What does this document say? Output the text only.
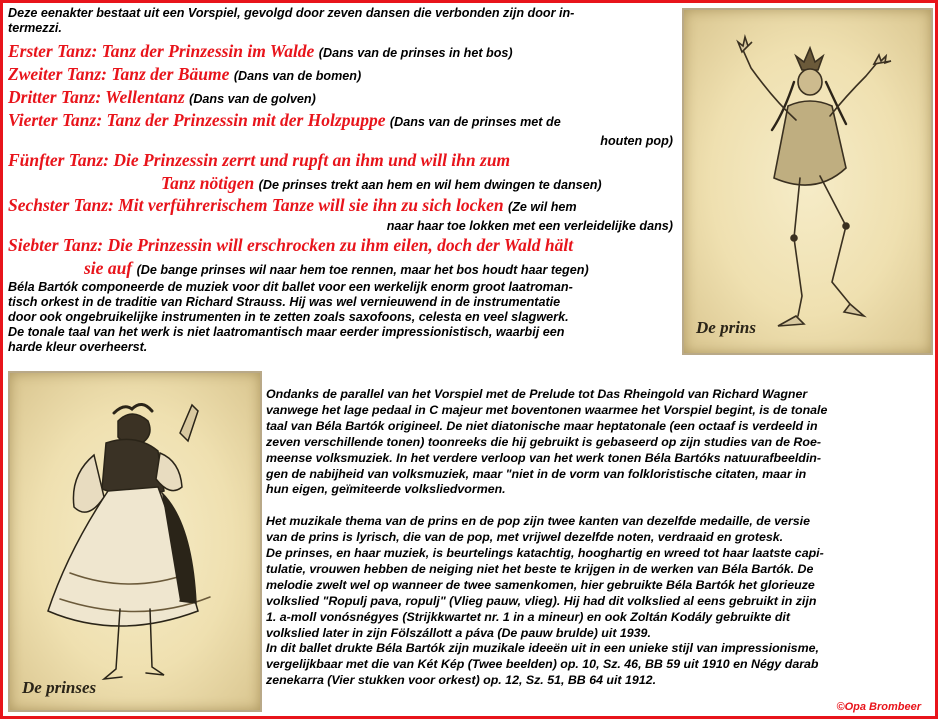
Deze eenakter bestaat uit een Vorspiel, gevolgd door zeven dansen die verbonden zijn door in-
termezzi.
Erster Tanz: Tanz der Prinzessin im Walde (Dans van de prinses in het bos)
Zweiter Tanz: Tanz der Bäume (Dans van de bomen)
Dritter Tanz: Wellentanz (Dans van de golven)
Vierter Tanz: Tanz der Prinzessin mit der Holzpuppe (Dans van de prinses met de
houten pop)
Fünfter Tanz: Die Prinzessin zerrt und rupft an ihm und will ihn zum
Tanz nötigen (De prinses trekt aan hem en wil hem dwingen te dansen)
Sechster Tanz: Mit verführerischem Tanze will sie ihn zu sich locken (Ze wil hem
naar haar toe lokken met een verleidelijke dans)
Siebter Tanz: Die Prinzessin will erschrocken zu ihm eilen, doch der Wald hält
sie auf (De bange prinses wil naar hem toe rennen, maar het bos houdt haar tegen)
Béla Bartók componeerde de muziek voor dit ballet voor een werkelijk enorm groot laatroman-
tisch orkest in de traditie van Richard Strauss. Hij was wel vernieuwend in de instrumentatie
door ook ongebruikelijke instrumenten in te zetten zoals saxofoons, celesta en veel slagwerk.
De tonale taal van het werk is niet laatromantisch maar eerder impressionistisch, waarbij een
harde kleur overheerst.
De prins
De prinses
Ondanks de parallel van het Vorspiel met de Prelude tot Das Rheingold van Richard Wagner
vanwege het lage pedaal in C majeur met boventonen waarmee het Vorspiel begint, is de tonale
taal van Béla Bartók origineel. De niet diatonische maar heptatonale (een octaaf is verdeeld in
zeven verschillende tonen) toonreeks die hij gebruikt is gebaseerd op zijn studies van de Roe-
meense volksmuziek. In het verdere verloop van het werk tonen Béla Bartóks natuurafbeeldin-
gen de nabijheid van volksmuziek, maar "niet in de vorm van folkloristische citaten, maar in
hun eigen, geïmiteerde volksliedvormen.
Het muzikale thema van de prins en de pop zijn twee kanten van dezelfde medaille, de versie
van de prins is lyrisch, die van de pop, met vrijwel dezelfde noten, verdraaid en grotesk.
De prinses, en haar muziek, is beurtelings katachtig, hooghartig en wreed tot haar laatste capi-
tulatie, vrouwen hebben de neiging niet het beste te krijgen in de werken van Béla Bartók. De
melodie zwelt wel op wanneer de twee samenkomen, hier gebruikte Béla Bartók het glorieuze
volkslied "Ropulj pava, ropulj" (Vlieg pauw, vlieg). Hij had dit volkslied al eens gebruikt in zijn
1. a-moll vonósnégyes (Strijkkwartet nr. 1 in a mineur) en ook Zoltán Kodály gebruikte dit
volkslied later in zijn Fölszállott a páva (De pauw brulde) uit 1939.
In dit ballet drukte Béla Bartók zijn muzikale ideeën uit in een unieke stijl van impressionisme,
vergelijkbaar met die van Két Kép (Twee beelden) op. 10, Sz. 46, BB 59 uit 1910 en Négy darab
zenekarra (Vier stukken voor orkest) op. 12, Sz. 51, BB 64 uit 1912.
©Opa Brombeer
